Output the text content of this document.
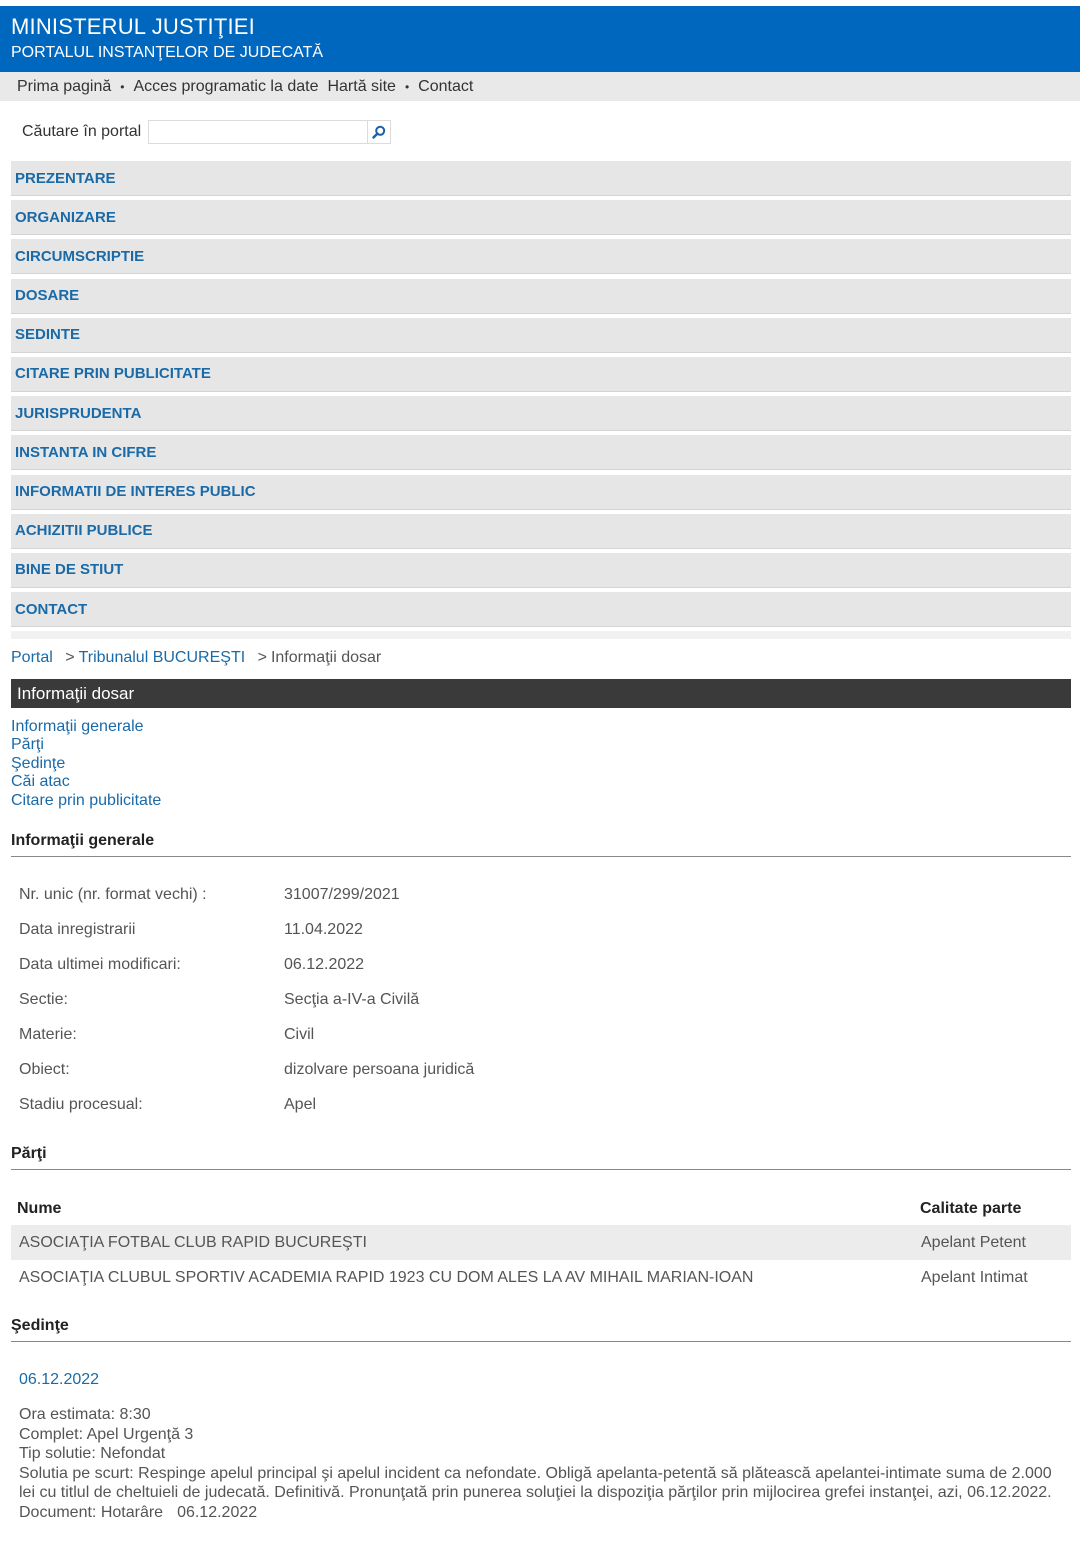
MINISTERUL JUSTIŢIEI
PORTALUL INSTANŢELOR DE JUDECATĂ
Prima pagină • Acces programatic la date Hartă site • Contact
Căutare în portal
PREZENTARE
ORGANIZARE
CIRCUMSCRIPTIE
DOSARE
SEDINTE
CITARE PRIN PUBLICITATE
JURISPRUDENTA
INSTANTA IN CIFRE
INFORMATII DE INTERES PUBLIC
ACHIZITII PUBLICE
BINE DE STIUT
CONTACT
Portal > Tribunalul BUCUREŞTI > Informaţii dosar
Informaţii dosar
Informaţii generale
Părţi
Şedinţe
Căi atac
Citare prin publicitate
Informaţii generale
Nr. unic (nr. format vechi) :	31007/299/2021
Data inregistrarii	11.04.2022
Data ultimei modificari:	06.12.2022
Sectie:	Secţia a-IV-a Civilă
Materie:	Civil
Obiect:	dizolvare persoana juridică
Stadiu procesual:	Apel
Părţi
Nume	Calitate parte
ASOCIAŢIA FOTBAL CLUB RAPID BUCUREŞTI	Apelant Petent
ASOCIAŢIA CLUBUL SPORTIV ACADEMIA RAPID 1923 CU DOM ALES LA AV MIHAIL MARIAN-IOAN	Apelant Intimat
Şedinţe
06.12.2022
Ora estimata: 8:30
Complet: Apel Urgenţă 3
Tip solutie: Nefondat
Solutia pe scurt: Respinge apelul principal şi apelul incident ca nefondate. Obligă apelanta-petentă să plătească apelantei-intimate suma de 2.000 lei cu titlul de cheltuieli de judecată. Definitivă. Pronunţată prin punerea soluţiei la dispoziţia părţilor prin mijlocirea grefei instanţei, azi, 06.12.2022.
Document: Hotarâre 06.12.2022
